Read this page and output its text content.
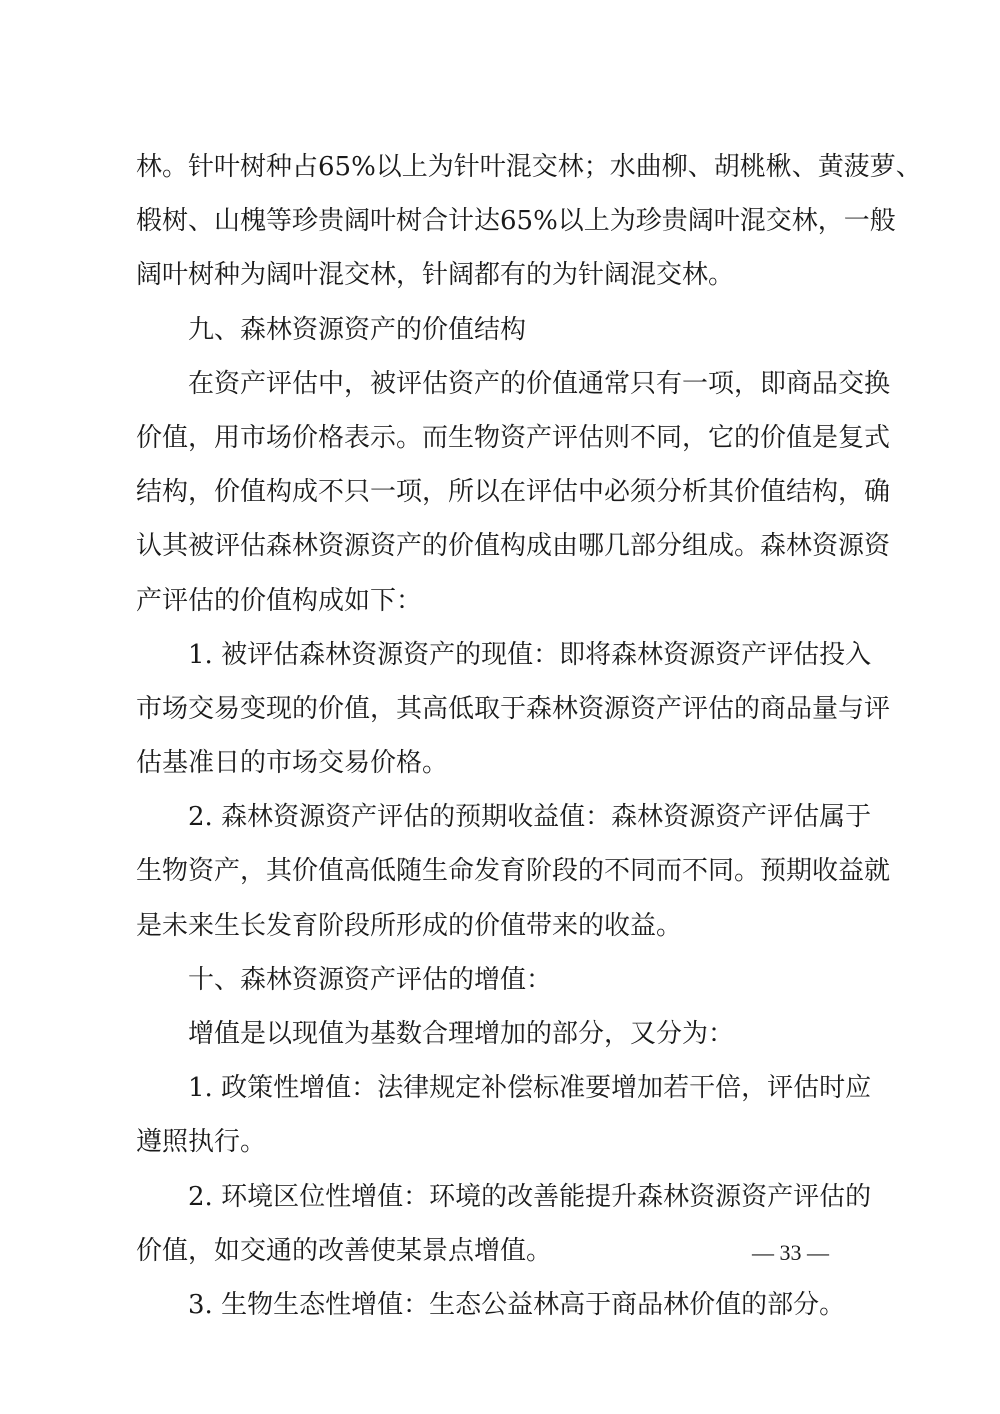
林。针叶树种占65%以上为针叶混交林；水曲柳、胡桃楸、黄菠萝、
椴树、山槐等珍贵阔叶树合计达65%以上为珍贵阔叶混交林，一般
阔叶树种为阔叶混交林，针阔都有的为针阔混交林。
九、森林资源资产的价值结构
在资产评估中，被评估资产的价值通常只有一项，即商品交换
价值，用市场价格表示。而生物资产评估则不同，它的价值是复式
结构，价值构成不只一项，所以在评估中必须分析其价值结构，确
认其被评估森林资源资产的价值构成由哪几部分组成。森林资源资
产评估的价值构成如下：
1. 被评估森林资源资产的现值：即将森林资源资产评估投入
市场交易变现的价值，其高低取于森林资源资产评估的商品量与评
估基准日的市场交易价格。
2. 森林资源资产评估的预期收益值：森林资源资产评估属于
生物资产，其价值高低随生命发育阶段的不同而不同。预期收益就
是未来生长发育阶段所形成的价值带来的收益。
十、森林资源资产评估的增值：
增值是以现值为基数合理增加的部分，又分为：
1. 政策性增值：法律规定补偿标准要增加若干倍，评估时应
遵照执行。
2. 环境区位性增值：环境的改善能提升森林资源资产评估的
价值，如交通的改善使某景点增值。
3. 生物生态性增值：生态公益林高于商品林价值的部分。
— 33 —
